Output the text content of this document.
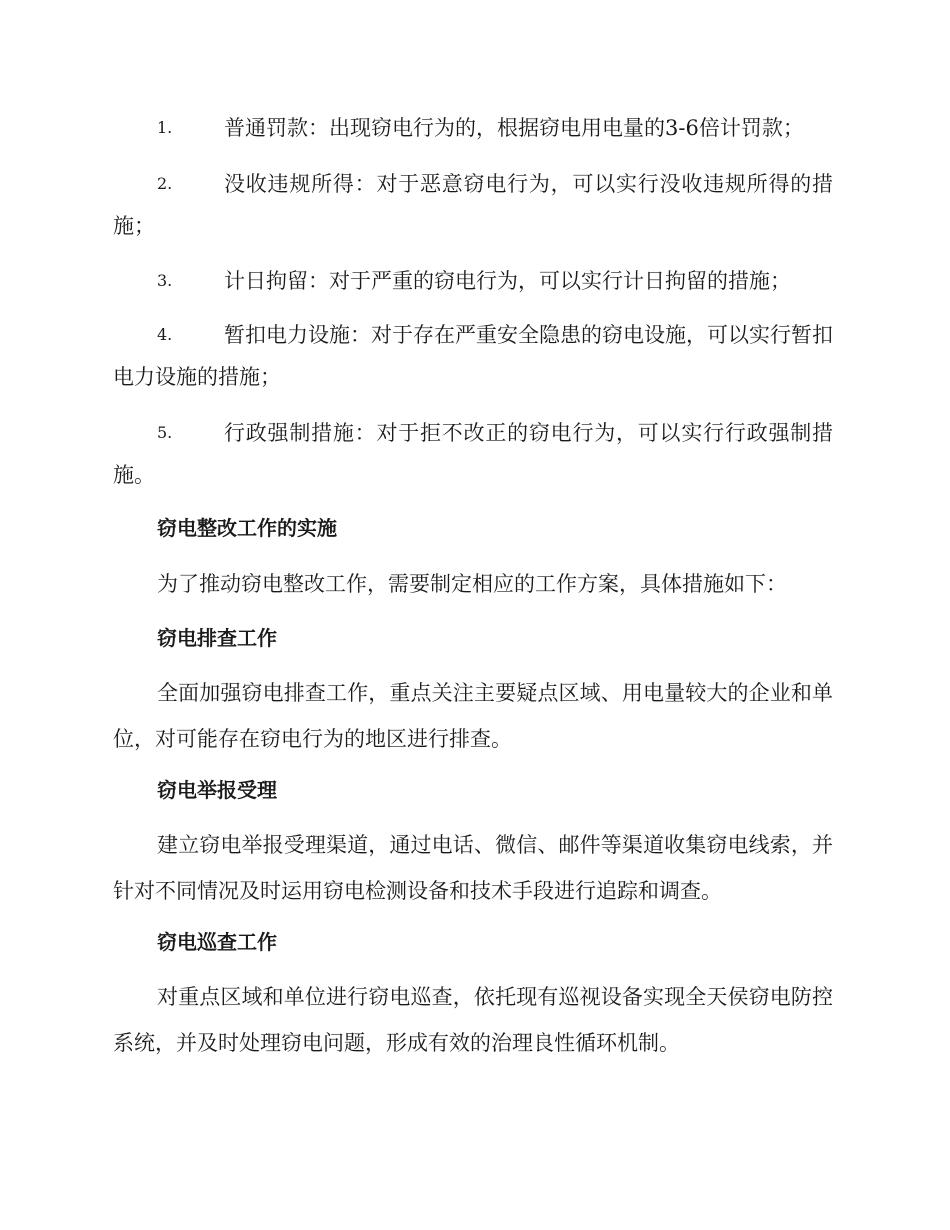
1.	普通罚款：出现窃电行为的，根据窃电用电量的3-6倍计罚款；
2.	没收违规所得：对于恶意窃电行为，可以实行没收违规所得的措施；
3.	计日拘留：对于严重的窃电行为，可以实行计日拘留的措施；
4.	暂扣电力设施：对于存在严重安全隐患的窃电设施，可以实行暂扣电力设施的措施；
5.	行政强制措施：对于拒不改正的窃电行为，可以实行行政强制措施。
窃电整改工作的实施
为了推动窃电整改工作，需要制定相应的工作方案，具体措施如下：
窃电排查工作
全面加强窃电排查工作，重点关注主要疑点区域、用电量较大的企业和单位，对可能存在窃电行为的地区进行排查。
窃电举报受理
建立窃电举报受理渠道，通过电话、微信、邮件等渠道收集窃电线索，并针对不同情况及时运用窃电检测设备和技术手段进行追踪和调查。
窃电巡查工作
对重点区域和单位进行窃电巡查，依托现有巡视设备实现全天侯窃电防控系统，并及时处理窃电问题，形成有效的治理良性循环机制。
